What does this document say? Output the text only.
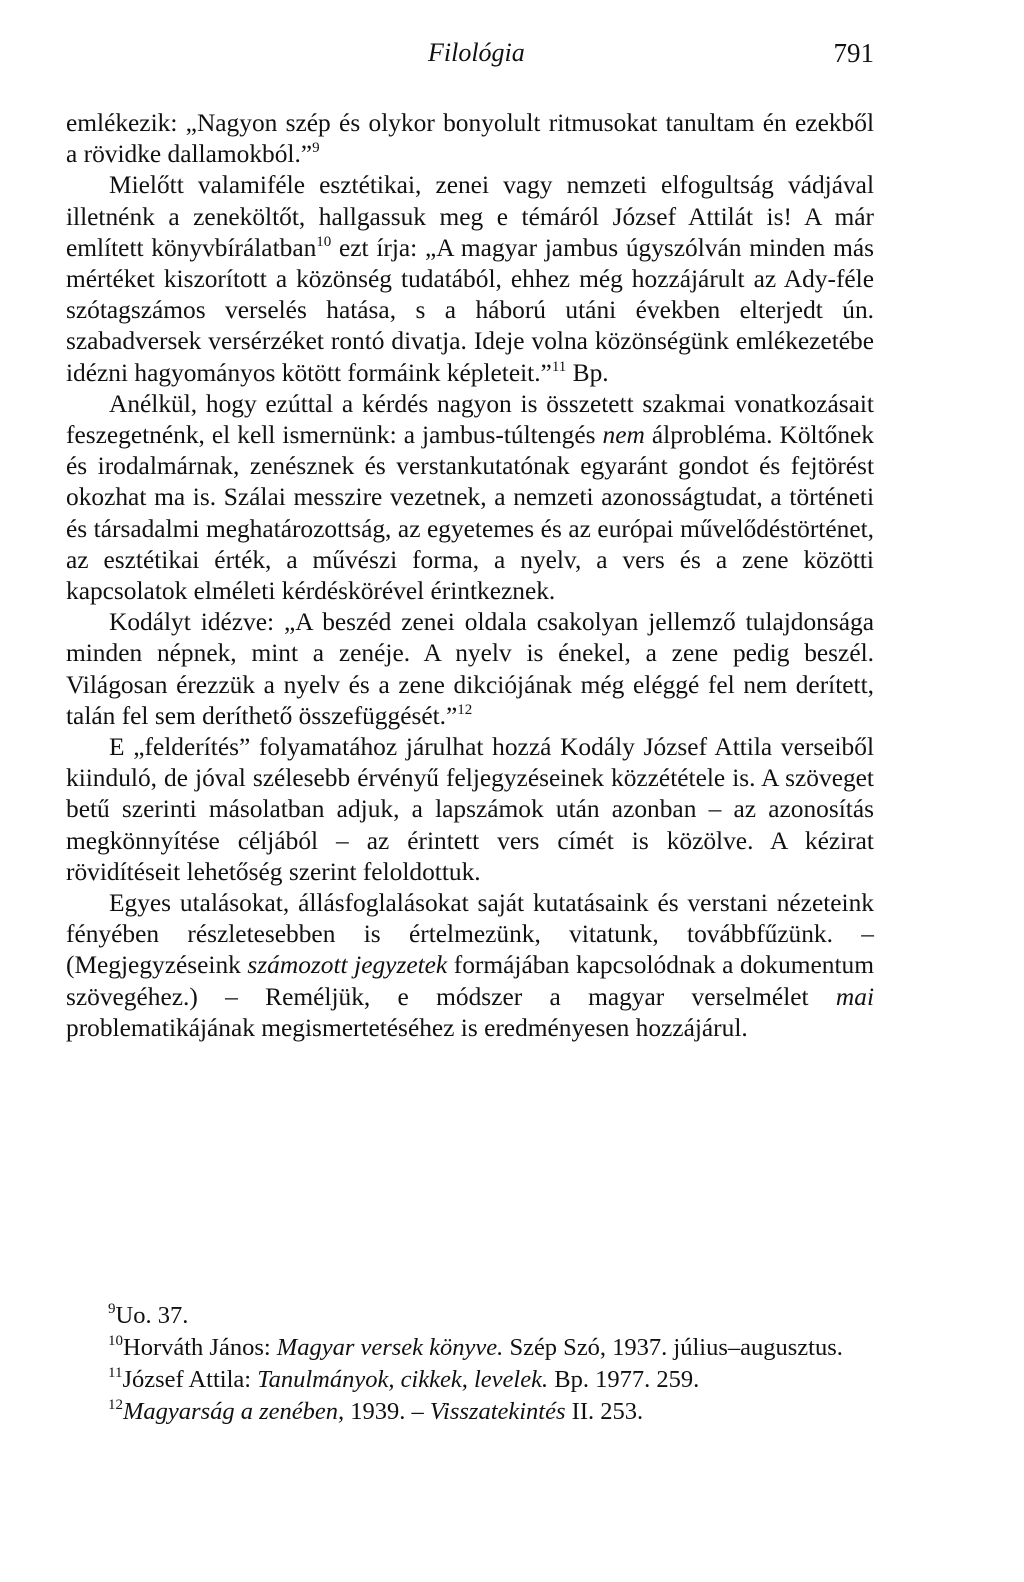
Filológia	791

emlékezik: „Nagyon szép és olykor bonyolult ritmusokat tanultam én ezekből a rövidke dallamokból.”$^9$

Mielőtt valamiféle esztétikai, zenei vagy nemzeti elfogultság vádjával illetnénk a zeneköltőt, hallgassuk meg e témáról József Attilát is! A már említett könyvbírálatban$^{10}$ ezt írja: „A magyar jambus úgyszólván minden más mértéket kiszorított a közönség tudatából, ehhez még hozzájárult az Ady-féle szótagszámos verselés hatása, s a háború utáni években elterjedt ún. szabadversek versérzéket rontó divatja. Ideje volna közönségünk emlékezetébe idézni hagyományos kötött formáink képleteit.”$^{11}$ Bp.

Anélkül, hogy ezúttal a kérdés nagyon is összetett szakmai vonatkozásait feszegetnénk, el kell ismernünk: a jambus-túltengés nem álprobléma. Költőnek és irodalmárnak, zenésznek és verstankutatónak egyaránt gondot és fejtörést okozhat ma is. Szálai messzire vezetnek, a nemzeti azonosságtudat, a történeti és társadalmi meghatározottság, az egyetemes és az európai művelődéstörténet, az esztétikai érték, a művészi forma, a nyelv, a vers és a zene közötti kapcsolatok elméleti kérdéskörével érintkeznek.

Kodályt idézve: „A beszéd zenei oldala csakolyan jellemző tulajdonsága minden népnek, mint a zenéje. A nyelv is énekel, a zene pedig beszél. Világosan érezzük a nyelv és a zene dikciójának még eléggé fel nem derített, talán fel sem deríthető összefüggését.”$^{12}$

E „felderítés” folyamatához járulhat hozzá Kodály József Attila verseiből kiinduló, de jóval szélesebb érvényű feljegyzéseinek közzététele is. A szöveget betű szerinti másolatban adjuk, a lapszámok után azonban – az azonosítás megkönnyítése céljából – az érintett vers címét is közölve. A kézirat rövidítéseit lehetőség szerint feloldottuk.

Egyes utalásokat, állásfoglalásokat saját kutatásaink és verstani nézeteink fényében részletesebben is értelmezünk, vitatunk, továbbfűzünk. – (Megjegyzéseink számozott jegyzetek formájában kapcsolódnak a dokumentum szövegéhez.) – Reméljük, e módszer a magyar verselmélet mai problematikájának megismertetéséhez is eredményesen hozzájárul.

$^9$Uo. 37.

$^{10}$Horváth János: Magyar versek könyve. Szép Szó, 1937. július–augusztus.

$^{11}$József Attila: Tanulmányok, cikkek, levelek. Bp. 1977. 259.

$^{12}$Magyarság a zenében, 1939. – Visszatekintés II. 253.
